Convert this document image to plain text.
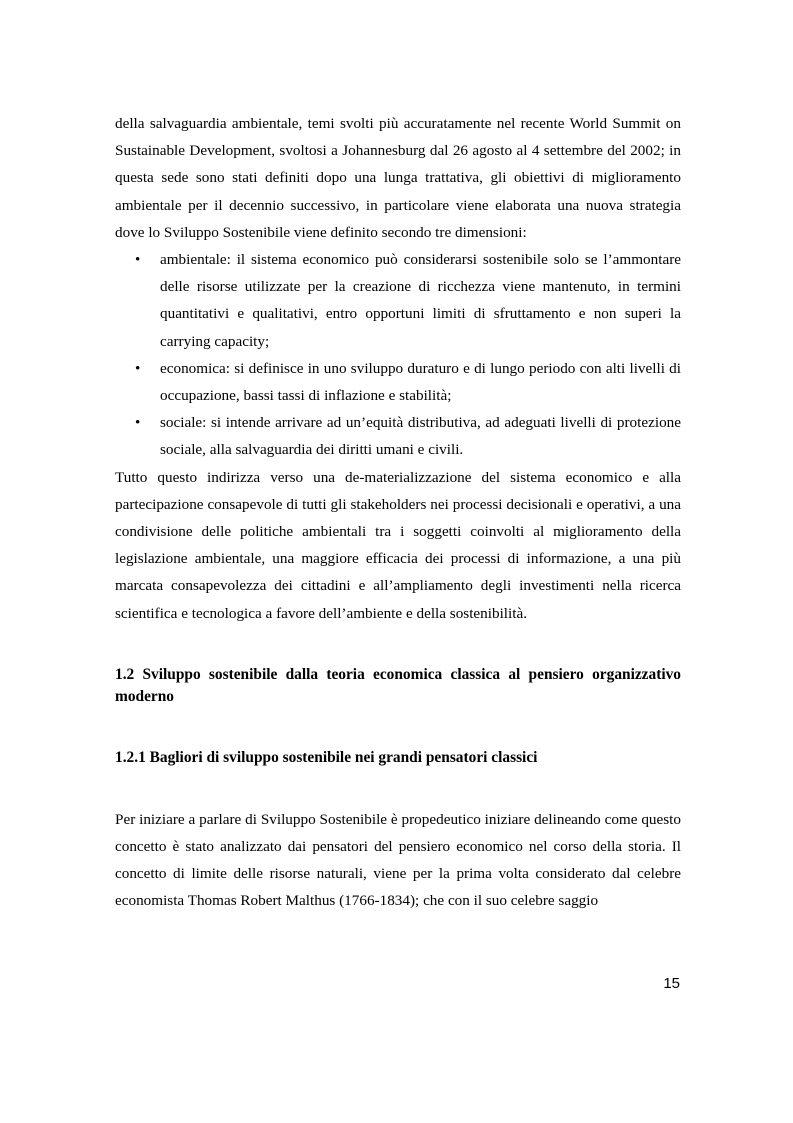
della salvaguardia ambientale, temi svolti più accuratamente nel recente World Summit on Sustainable Development, svoltosi a Johannesburg dal 26 agosto al 4 settembre del 2002; in questa sede sono stati definiti dopo una lunga trattativa, gli obiettivi di miglioramento ambientale per il decennio successivo, in particolare viene elaborata una nuova strategia dove lo Sviluppo Sostenibile viene definito secondo tre dimensioni:

• ambientale: il sistema economico può considerarsi sostenibile solo se l’ammontare delle risorse utilizzate per la creazione di ricchezza viene mantenuto, in termini quantitativi e qualitativi, entro opportuni limiti di sfruttamento e non superi la carrying capacity;
• economica: si definisce in uno sviluppo duraturo e di lungo periodo con alti livelli di occupazione, bassi tassi di inflazione e stabilità;
• sociale: si intende arrivare ad un’equità distributiva, ad adeguati livelli di protezione sociale, alla salvaguardia dei diritti umani e civili.

Tutto questo indirizza verso una de-materializzazione del sistema economico e alla partecipazione consapevole di tutti gli stakeholders nei processi decisionali e operativi, a una condivisione delle politiche ambientali tra i soggetti coinvolti al miglioramento della legislazione ambientale, una maggiore efficacia dei processi di informazione, a una più marcata consapevolezza dei cittadini e all’ampliamento degli investimenti nella ricerca scientifica e tecnologica a favore dell’ambiente e della sostenibilità.

1.2 Sviluppo sostenibile dalla teoria economica classica al pensiero organizzativo moderno
1.2.1 Bagliori di sviluppo sostenibile nei grandi pensatori classici

Per iniziare a parlare di Sviluppo Sostenibile è propedeutico iniziare delineando come questo concetto è stato analizzato dai pensatori del pensiero economico nel corso della storia. Il concetto di limite delle risorse naturali, viene per la prima volta considerato dal celebre economista Thomas Robert Malthus (1766-1834); che con il suo celebre saggio

15
